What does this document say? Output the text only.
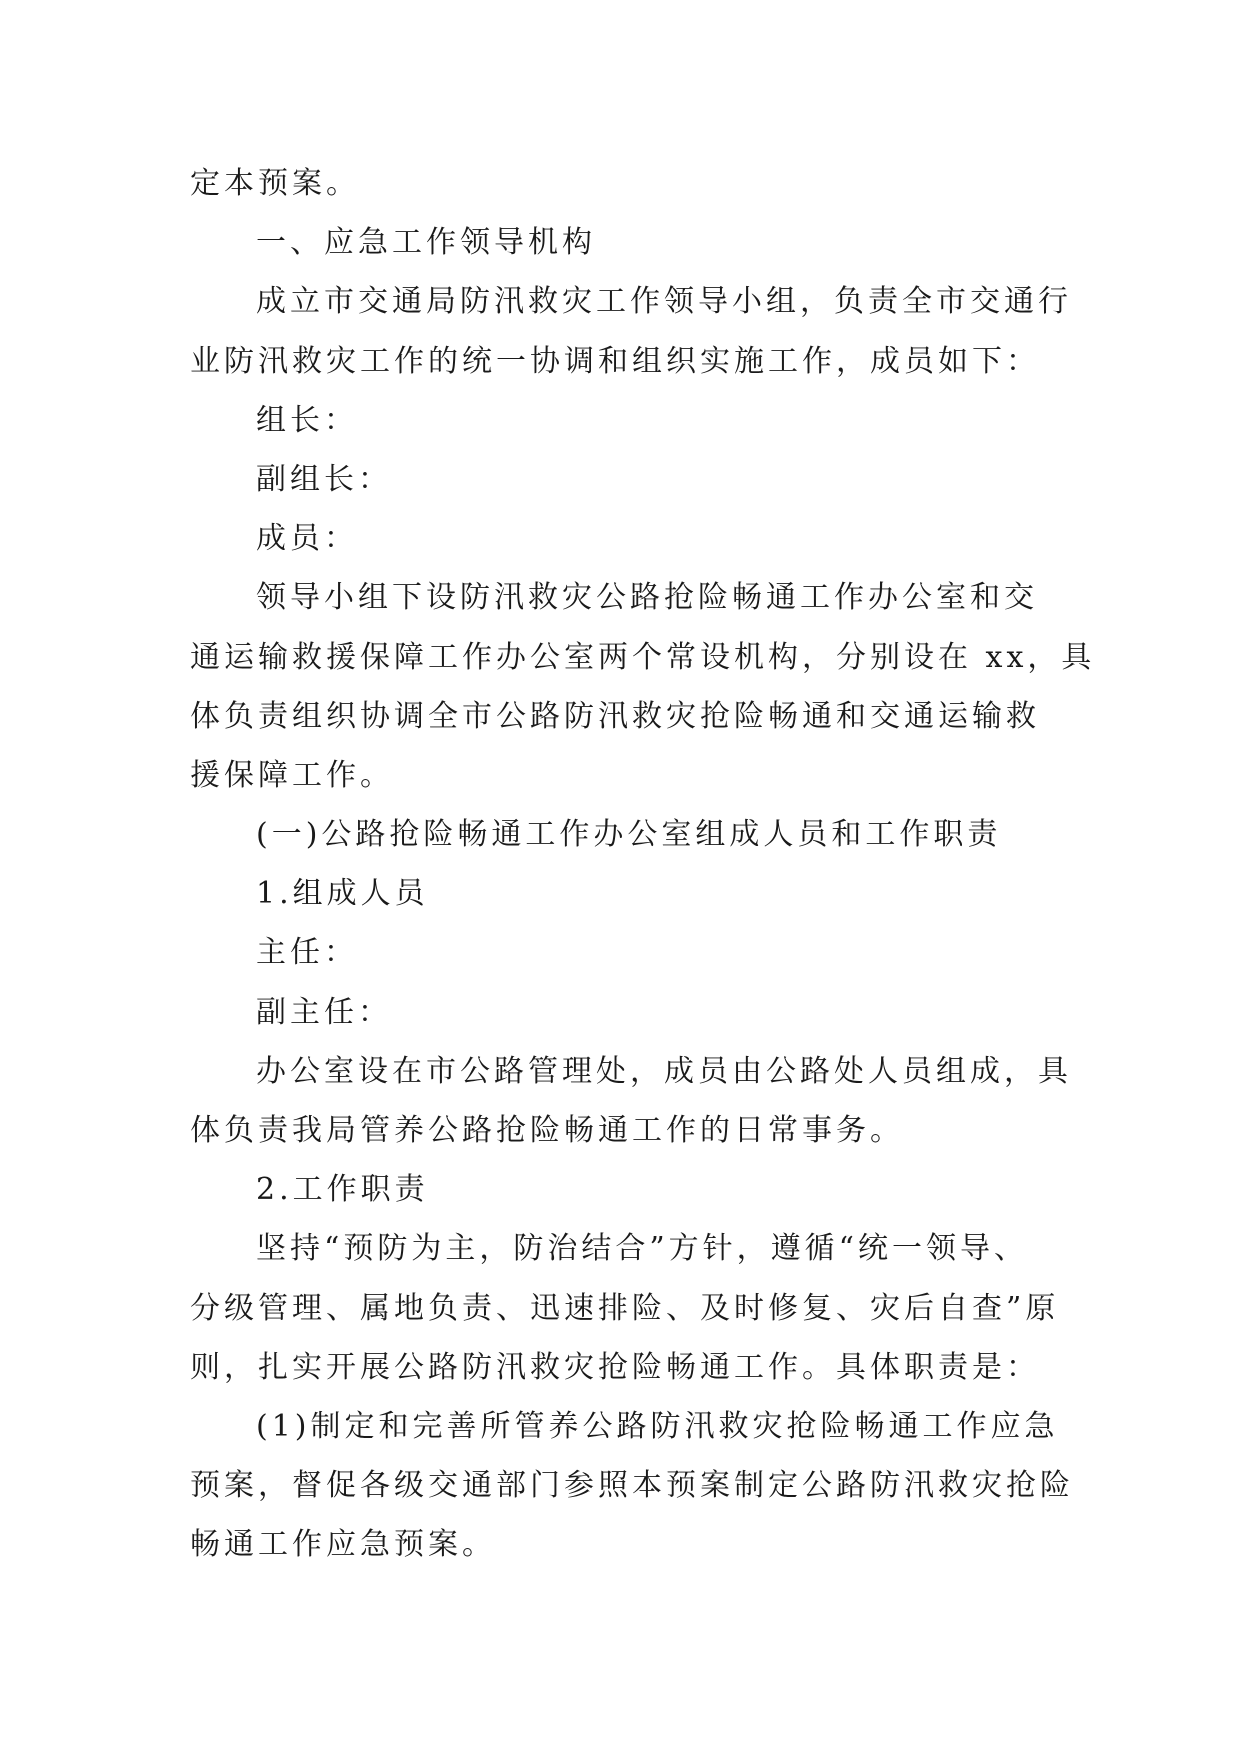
定本预案。
一、应急工作领导机构
成立市交通局防汛救灾工作领导小组，负责全市交通行
业防汛救灾工作的统一协调和组织实施工作，成员如下：
组长：
副组长：
成员：
领导小组下设防汛救灾公路抢险畅通工作办公室和交
通运输救援保障工作办公室两个常设机构，分别设在 xx，具
体负责组织协调全市公路防汛救灾抢险畅通和交通运输救
援保障工作。
(一)公路抢险畅通工作办公室组成人员和工作职责
1.组成人员
主任：
副主任：
办公室设在市公路管理处，成员由公路处人员组成，具
体负责我局管养公路抢险畅通工作的日常事务。
2.工作职责
坚持“预防为主，防治结合”方针，遵循“统一领导、
分级管理、属地负责、迅速排险、及时修复、灾后自查”原
则，扎实开展公路防汛救灾抢险畅通工作。具体职责是：
(1)制定和完善所管养公路防汛救灾抢险畅通工作应急
预案，督促各级交通部门参照本预案制定公路防汛救灾抢险
畅通工作应急预案。
